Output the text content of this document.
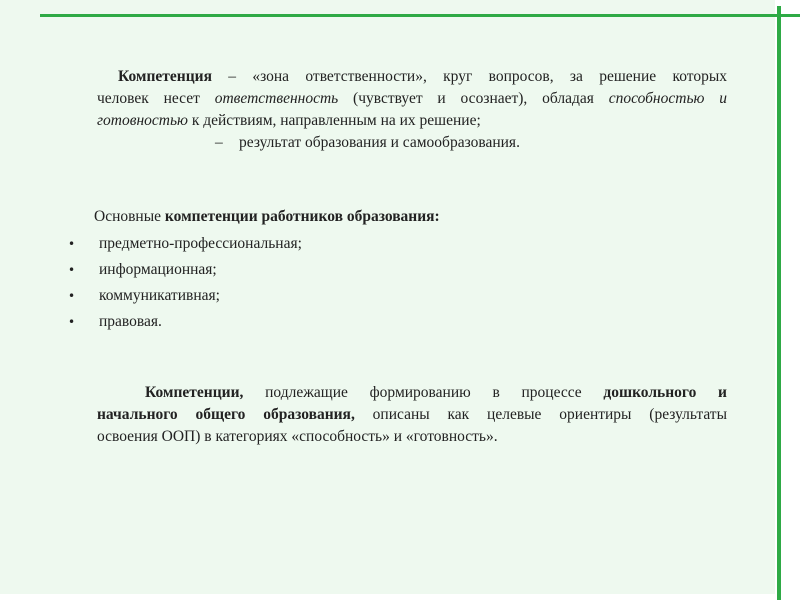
Компетенция – «зона ответственности», круг вопросов, за решение которых
человек несет ответственность (чувствует и осознает), обладая способностью и
готовностью к действиям, направленным на их решение;
– результат образования и самообразования.
Основные компетенции работников образования:
• предметно-профессиональная;
• информационная;
• коммуникативная;
• правовая.
Компетенции, подлежащие формированию в процессе дошкольного и
начального общего образования, описаны как целевые ориентиры (результаты
освоения ООП) в категориях «способность» и «готовность».
